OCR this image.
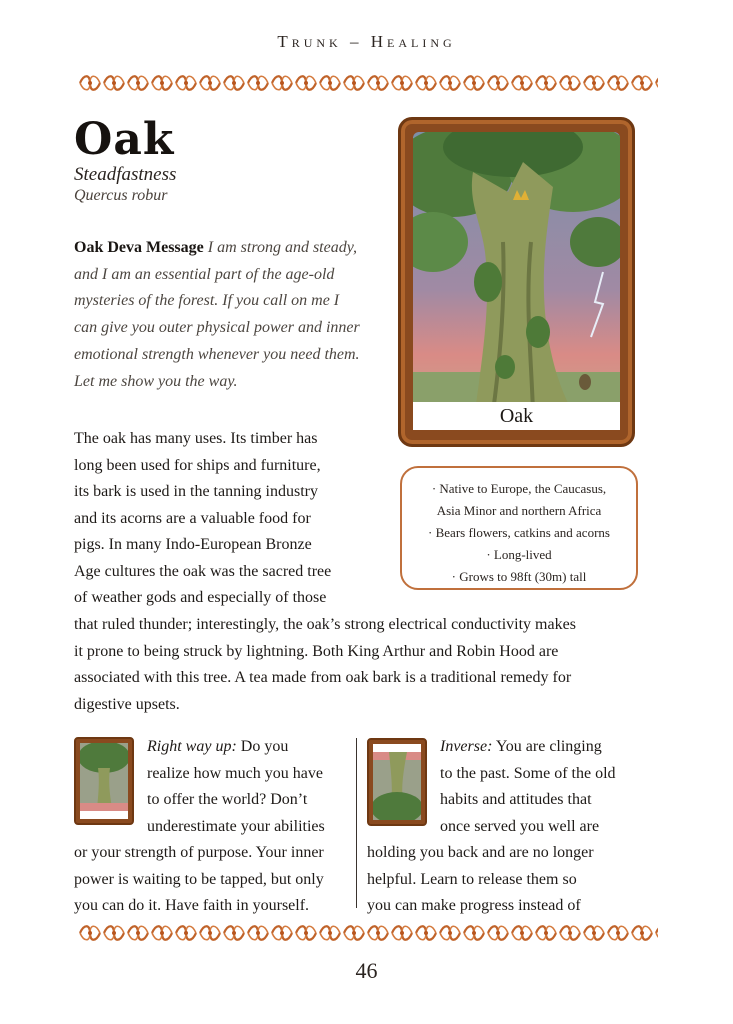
Trunk – Healing
Oak
Steadfastness
Quercus robur
Oak Deva Message I am strong and steady,
and I am an essential part of the age-old
mysteries of the forest. If you call on me I
can give you outer physical power and inner
emotional strength whenever you need them.
Let me show you the way.
Oak
· Native to Europe, the Caucasus,
Asia Minor and northern Africa
· Bears flowers, catkins and acorns
· Long-lived
· Grows to 98ft (30m) tall
The oak has many uses. Its timber has
long been used for ships and furniture,
its bark is used in the tanning industry
and its acorns are a valuable food for
pigs. In many Indo-European Bronze
Age cultures the oak was the sacred tree
of weather gods and especially of those
that ruled thunder; interestingly, the oak’s strong electrical conductivity makes
it prone to being struck by lightning. Both King Arthur and Robin Hood are
associated with this tree. A tea made from oak bark is a traditional remedy for
digestive upsets.
Right way up: Do you
realize how much you have
to offer the world? Don’t
underestimate your abilities
or your strength of purpose. Your inner
power is waiting to be tapped, but only
you can do it. Have faith in yourself.
Inverse: You are clinging
to the past. Some of the old
habits and attitudes that
once served you well are
holding you back and are no longer
helpful. Learn to release them so
you can make progress instead of
46
